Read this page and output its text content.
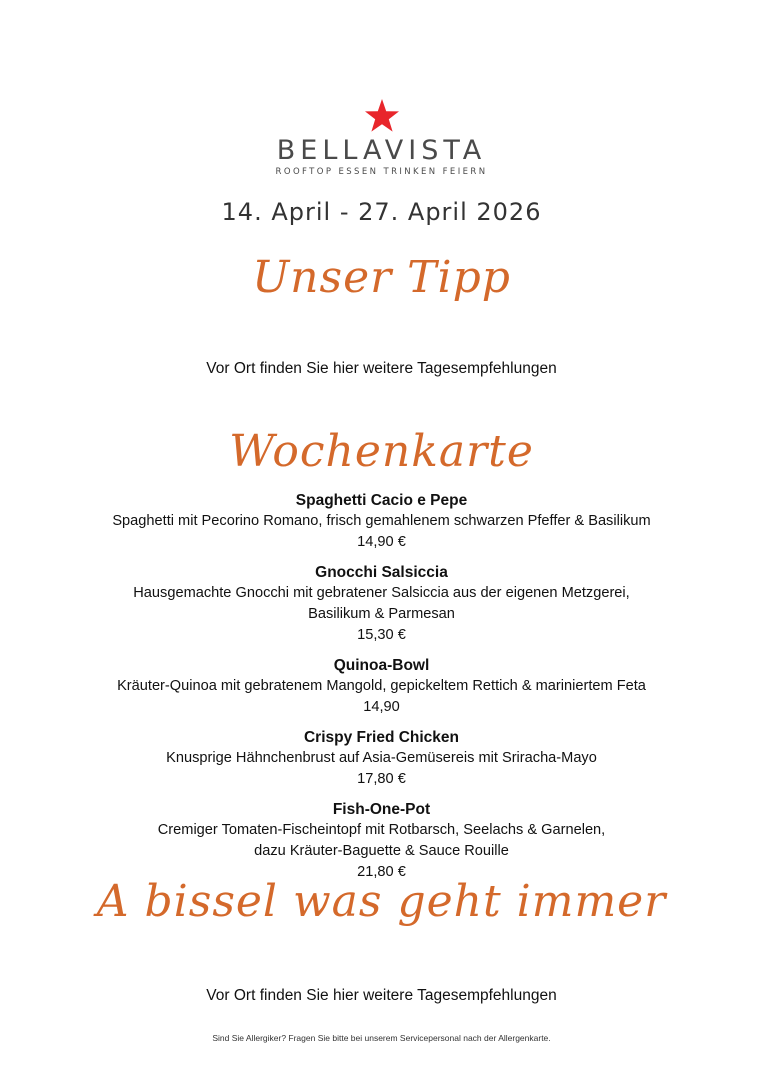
BELLAVISTA
ROOFTOP ESSEN TRINKEN FEIERN
14. April - 27. April 2026
Unser Tipp
Vor Ort finden Sie hier weitere Tagesempfehlungen
Wochenkarte
Spaghetti Cacio e Pepe
Spaghetti mit Pecorino Romano, frisch gemahlenem schwarzen Pfeffer & Basilikum
14,90 €
Gnocchi Salsiccia
Hausgemachte Gnocchi mit gebratener Salsiccia aus der eigenen Metzgerei,
Basilikum & Parmesan
15,30 €
Quinoa-Bowl
Kräuter-Quinoa mit gebratenem Mangold, gepickeltem Rettich & mariniertem Feta
14,90
Crispy Fried Chicken
Knusprige Hähnchenbrust auf Asia-Gemüsereis mit Sriracha-Mayo
17,80 €
Fish-One-Pot
Cremiger Tomaten-Fischeintopf mit Rotbarsch, Seelachs & Garnelen,
dazu Kräuter-Baguette & Sauce Rouille
21,80 €
A bissel was geht immer
Vor Ort finden Sie hier weitere Tagesempfehlungen
Sind Sie Allergiker? Fragen Sie bitte bei unserem Servicepersonal nach der Allergenkarte.
